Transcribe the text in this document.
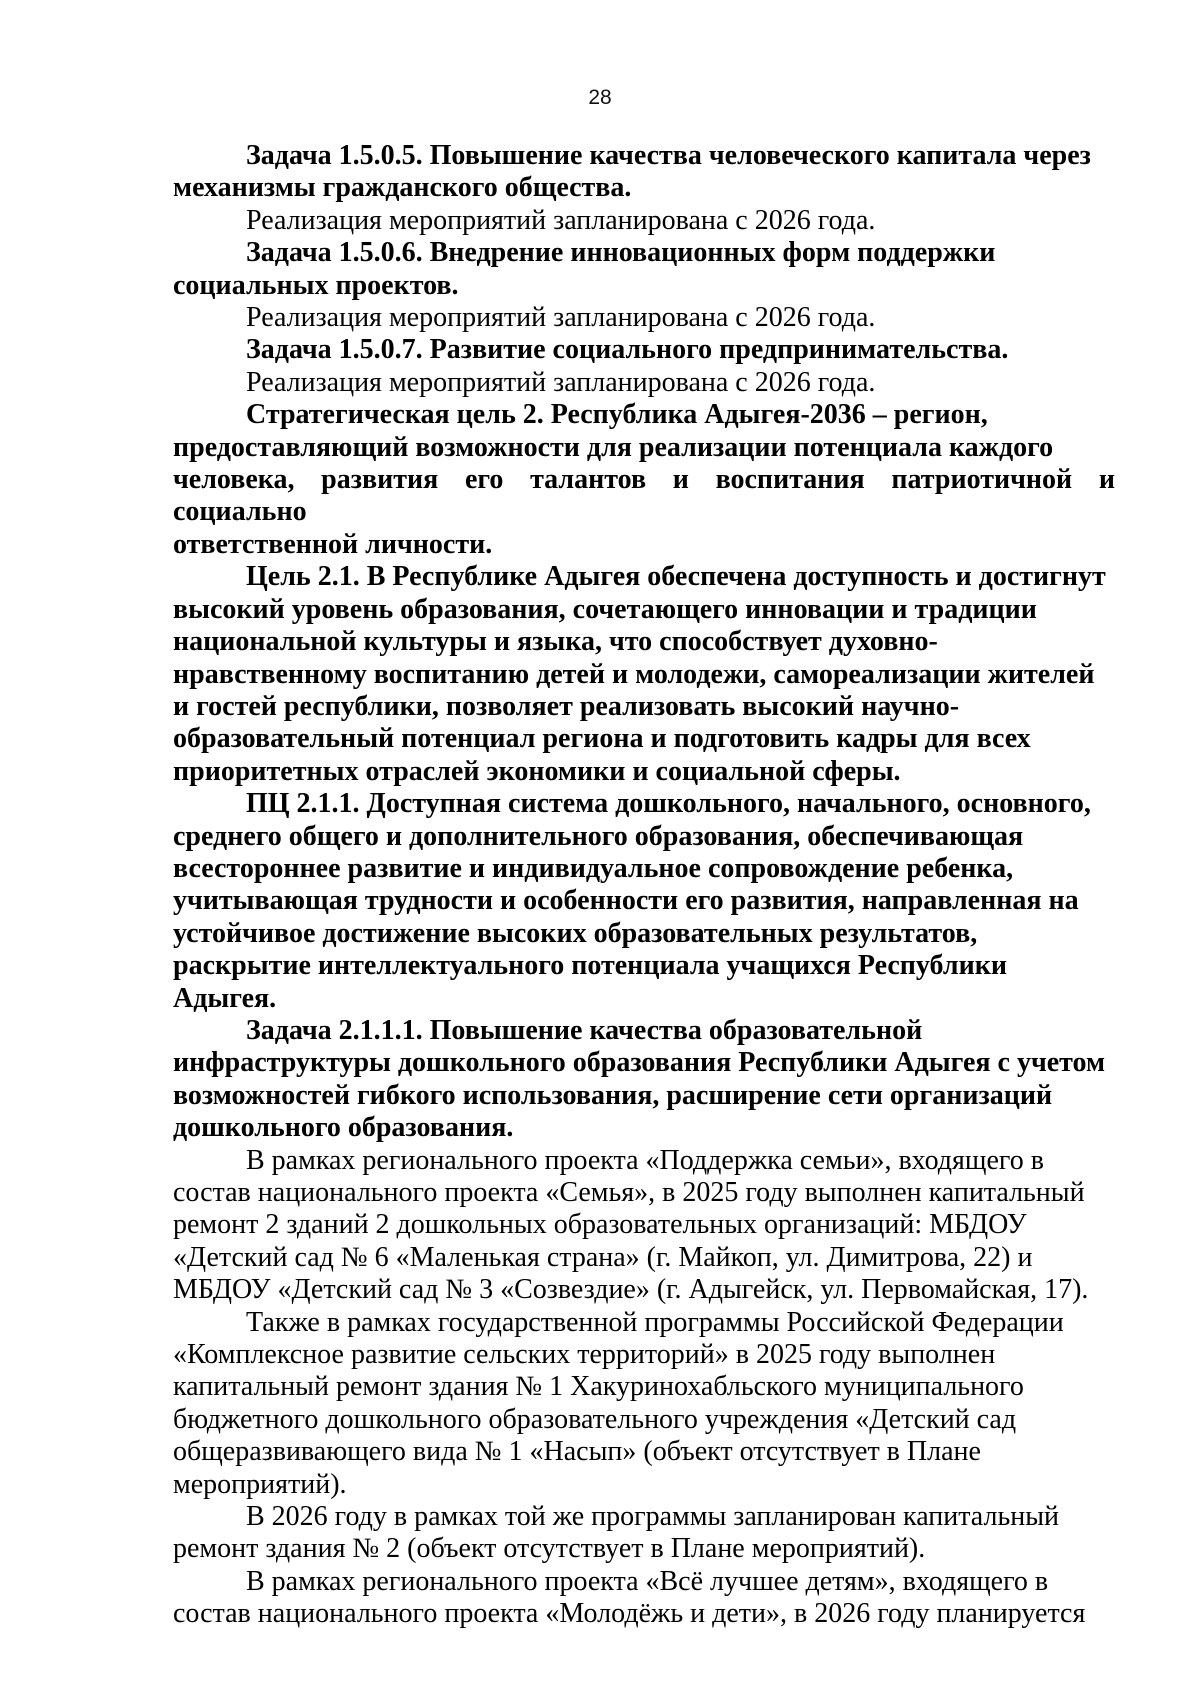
28

Задача 1.5.0.5. Повышение качества человеческого капитала через
механизмы гражданского общества.

Реализация мероприятий запланирована с 2026 года.

Задача 1.5.0.6. Внедрение инновационных форм поддержки
социальных проектов.

Реализация мероприятий запланирована с 2026 года.

Задача 1.5.0.7. Развитие социального предпринимательства.

Реализация мероприятий запланирована с 2026 года.

Стратегическая цель 2. Республика Адыгея-2036 – регион,
предоставляющий возможности для реализации потенциала каждого
человека, развития его талантов и воспитания патриотичной и социально
ответственной личности.

Цель 2.1. В Республике Адыгея обеспечена доступность и достигнут
высокий уровень образования, сочетающего инновации и традиции
национальной культуры и языка, что способствует духовно-
нравственному воспитанию детей и молодежи, самореализации жителей
и гостей республики, позволяет реализовать высокий научно-
образовательный потенциал региона и подготовить кадры для всех
приоритетных отраслей экономики и социальной сферы.

ПЦ 2.1.1. Доступная система дошкольного, начального, основного,
среднего общего и дополнительного образования, обеспечивающая
всестороннее развитие и индивидуальное сопровождение ребенка,
учитывающая трудности и особенности его развития, направленная на
устойчивое достижение высоких образовательных результатов,
раскрытие интеллектуального потенциала учащихся Республики
Адыгея.

Задача 2.1.1.1. Повышение качества образовательной
инфраструктуры дошкольного образования Республики Адыгея с учетом
возможностей гибкого использования, расширение сети организаций
дошкольного образования.

В рамках регионального проекта «Поддержка семьи», входящего в
состав национального проекта «Семья», в 2025 году выполнен капитальный
ремонт 2 зданий 2 дошкольных образовательных организаций: МБДОУ
«Детский сад № 6 «Маленькая страна» (г. Майкоп, ул. Димитрова, 22) и
МБДОУ «Детский сад № 3 «Созвездие» (г. Адыгейск, ул. Первомайская, 17).

Также в рамках государственной программы Российской Федерации
«Комплексное развитие сельских территорий» в 2025 году выполнен
капитальный ремонт здания № 1 Хакуринохабльского муниципального
бюджетного дошкольного образовательного учреждения «Детский сад
общеразвивающего вида № 1 «Насып» (объект отсутствует в Плане
мероприятий).

В 2026 году в рамках той же программы запланирован капитальный
ремонт здания № 2 (объект отсутствует в Плане мероприятий).

В рамках регионального проекта «Всё лучшее детям», входящего в
состав национального проекта «Молодёжь и дети», в 2026 году планируется
